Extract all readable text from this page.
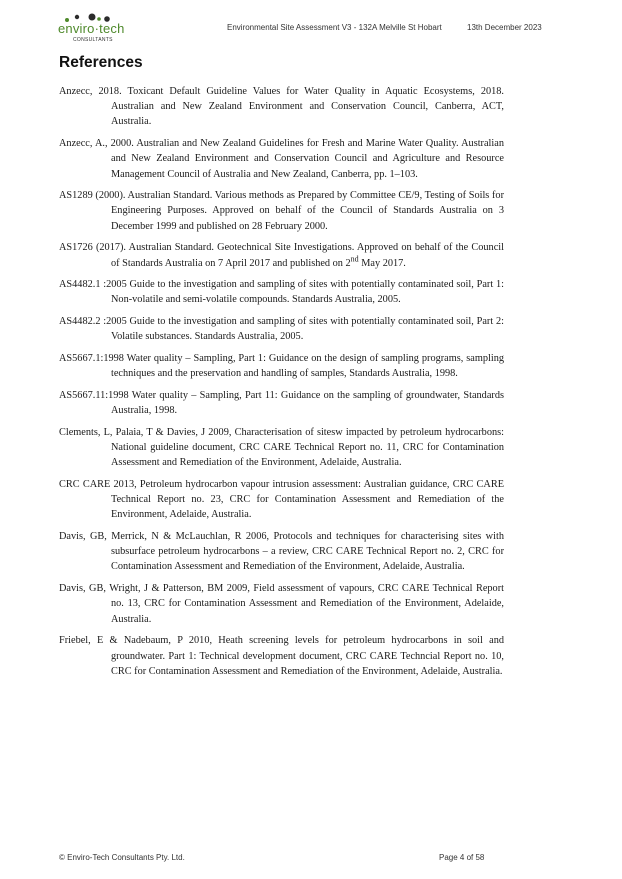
enviro·tech
CONSULTANTS
Environmental Site Assessment V3 - 132A Melville St Hobart	13th December 2023
References

Anzecc, 2018. Toxicant Default Guideline Values for Water Quality in Aquatic Ecosystems, 2018. Australian and New Zealand Environment and Conservation Council, Canberra, ACT, Australia.

Anzecc, A., 2000. Australian and New Zealand Guidelines for Fresh and Marine Water Quality. Australian and New Zealand Environment and Conservation Council and Agriculture and Resource Management Council of Australia and New Zealand, Canberra, pp. 1–103.

AS1289 (2000). Australian Standard. Various methods as Prepared by Committee CE/9, Testing of Soils for Engineering Purposes. Approved on behalf of the Council of Standards Australia on 3 December 1999 and published on 28 February 2000.

AS1726 (2017). Australian Standard. Geotechnical Site Investigations. Approved on behalf of the Council of Standards Australia on 7 April 2017 and published on 2nd May 2017.

AS4482.1 :2005 Guide to the investigation and sampling of sites with potentially contaminated soil, Part 1: Non-volatile and semi-volatile compounds. Standards Australia, 2005.

AS4482.2 :2005 Guide to the investigation and sampling of sites with potentially contaminated soil, Part 2: Volatile substances. Standards Australia, 2005.

AS5667.1:1998 Water quality – Sampling, Part 1: Guidance on the design of sampling programs, sampling techniques and the preservation and handling of samples, Standards Australia, 1998.

AS5667.11:1998 Water quality – Sampling, Part 11: Guidance on the sampling of groundwater, Standards Australia, 1998.

Clements, L, Palaia, T & Davies, J 2009, Characterisation of sitesw impacted by petroleum hydrocarbons: National guideline document, CRC CARE Technical Report no. 11, CRC for Contamination Assessment and Remediation of the Environment, Adelaide, Australia.

CRC CARE 2013, Petroleum hydrocarbon vapour intrusion assessment: Australian guidance, CRC CARE Technical Report no. 23, CRC for Contamination Assessment and Remediation of the Environment, Adelaide, Australia.

Davis, GB, Merrick, N & McLauchlan, R 2006, Protocols and techniques for characterising sites with subsurface petroleum hydrocarbons – a review, CRC CARE Technical Report no. 2, CRC for Contamination Assessment and Remediation of the Environment, Adelaide, Australia.

Davis, GB, Wright, J & Patterson, BM 2009, Field assessment of vapours, CRC CARE Technical Report no. 13, CRC for Contamination Assessment and Remediation of the Environment, Adelaide, Australia.

Friebel, E & Nadebaum, P 2010, Heath screening levels for petroleum hydrocarbons in soil and groundwater. Part 1: Technical development document, CRC CARE Techncial Report no. 10, CRC for Contamination Assessment and Remediation of the Environment, Adelaide, Australia.

© Enviro-Tech Consultants Pty. Ltd.	Page 4 of 58
